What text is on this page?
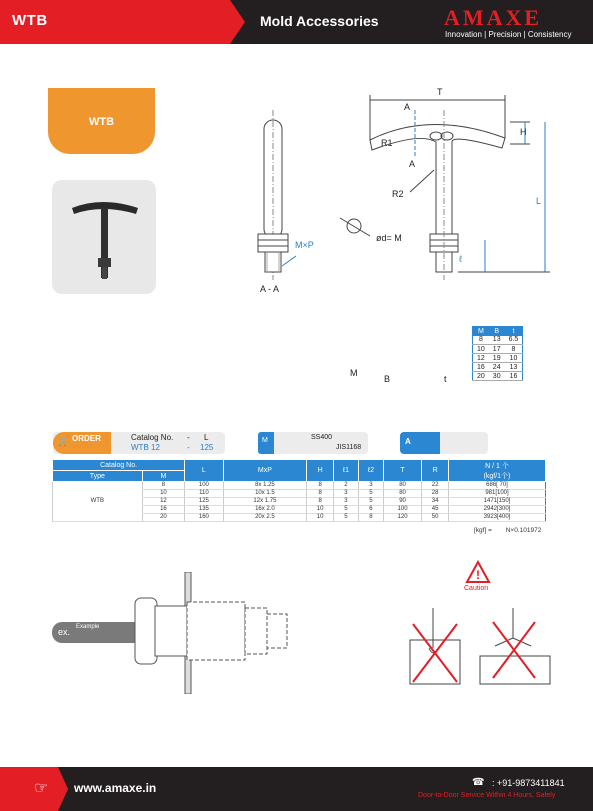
WTB	Mold Accessories	AMAXE
Innovation | Precision | Consistency
WTB
T
H
L
ℓ
R1
R2
A
A
ød= M
M×P
A - A
M
B	t
M	B	t
8	13	6.5
10	17	8
12	19	10
16	24	13
20	30	16
🛒 ORDER	Catalog No. - L
WTB 12	- 125
M	SS400
JIS1168
A
Catalog No.		L	MxP	H	ℓ1	ℓ2	T	R	N / 1 个
(kgf/1个)
Type	M								
WTB	8	100	8x 1.25	8	2	3	80	22	686[ 70]
	10	110	10x 1.5	8	3	5	80	28	981[100]
	12	125	12x 1.75	8	3	5	90	34	1471[150]
	16	135	16x 2.0	10	5	6	100	45	2942[300]
	20	160	20x 2.5	10	5	8	120	50	3923[400]
[kgf] = N×0.101972
ex. Example
!
Caution
☞ www.amaxe.in	☎ : +91-9873411841
Door-to-Door Service Within 4 Hours, Safely
